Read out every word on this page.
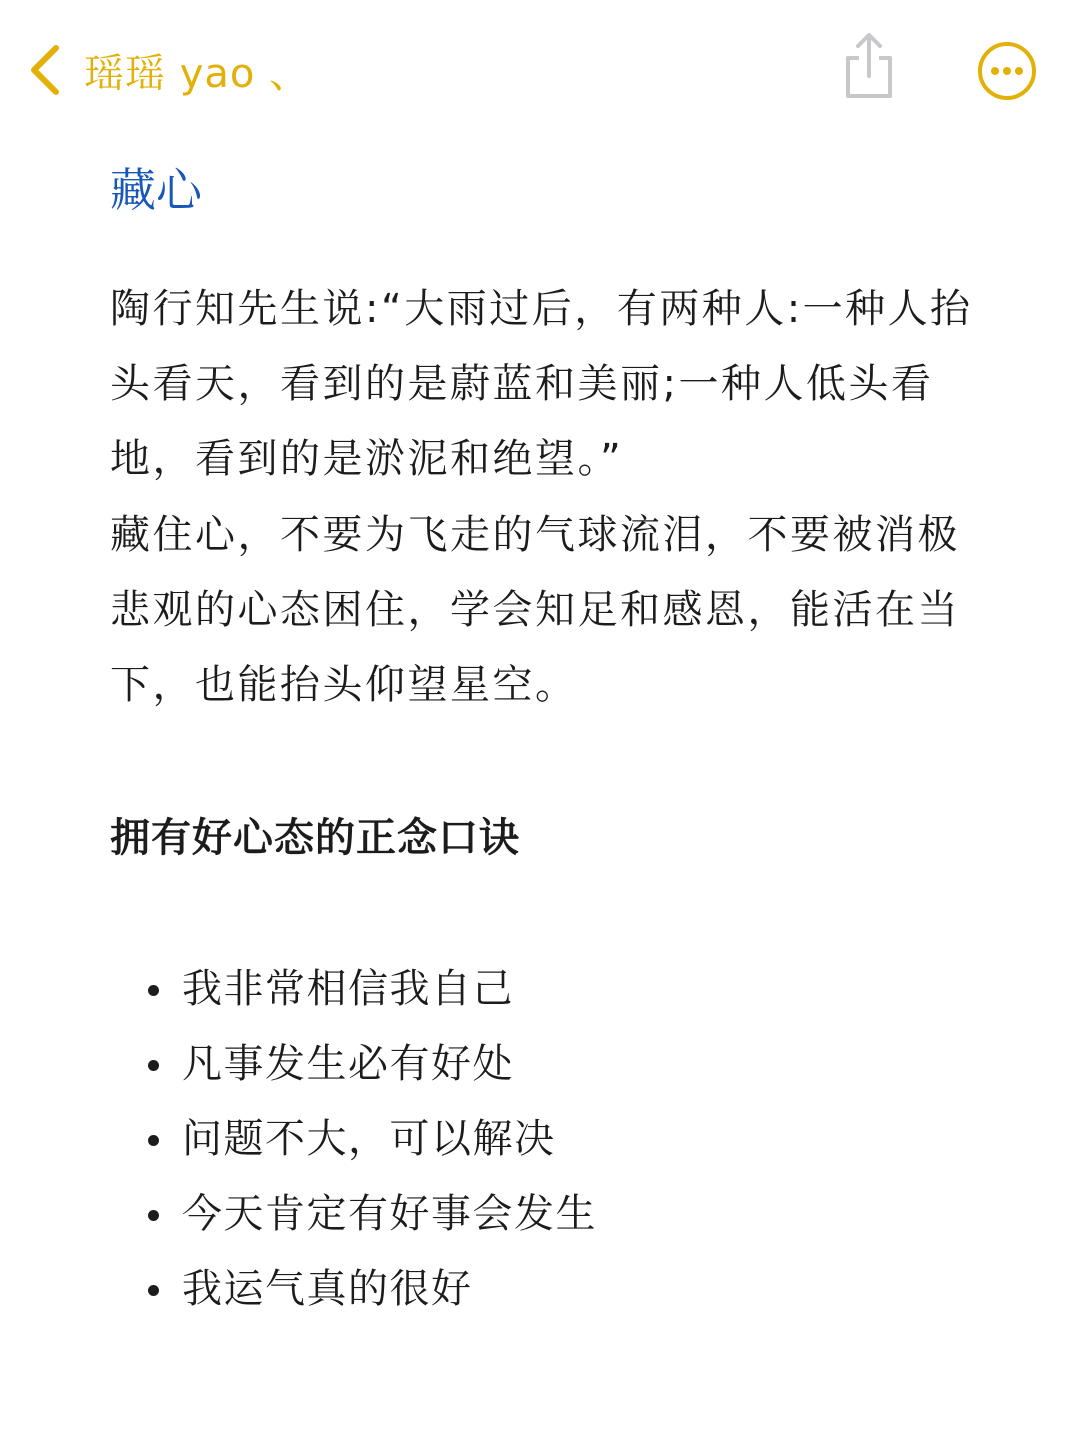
瑶瑶 yao 、
藏心
陶行知先生说:“大雨过后，有两种人:一种人抬头看天，看到的是蔚蓝和美丽;一种人低头看地，看到的是淤泥和绝望。”
藏住心，不要为飞走的气球流泪，不要被消极悲观的心态困住，学会知足和感恩，能活在当下，也能抬头仰望星空。
拥有好心态的正念口诀
我非常相信我自己
凡事发生必有好处
问题不大，可以解决
今天肯定有好事会发生
我运气真的很好
